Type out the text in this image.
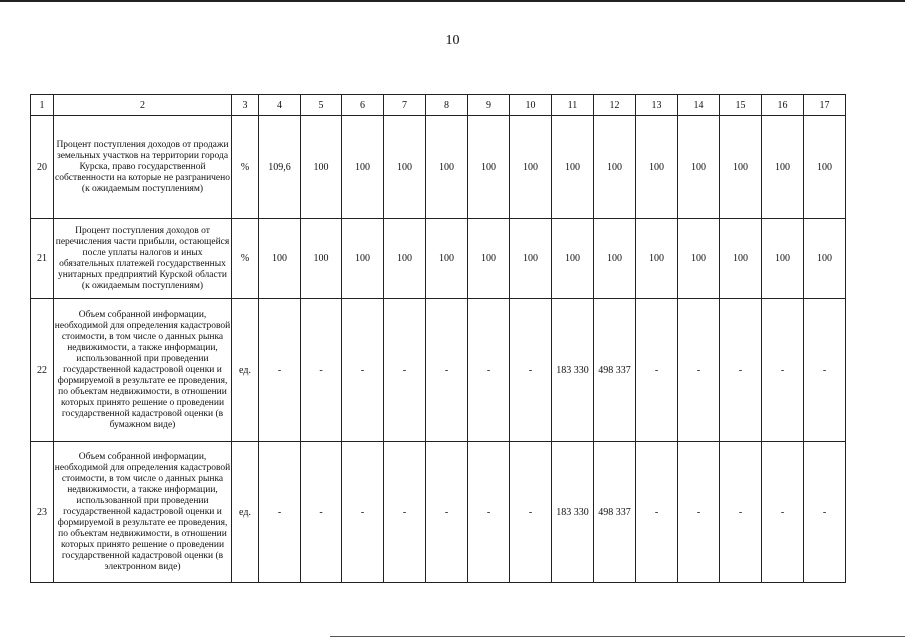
10
1	2	3	4	5	6	7	8	9	10	11	12	13	14	15	16	17
20	Процент поступления доходов от продажи земельных участков на территории города Курска, право государственной собственности на которые не разграничено (к ожидаемым поступлениям)	%	109,6	100	100	100	100	100	100	100	100	100	100	100	100	100
21	Процент поступления доходов от перечисления части прибыли, остающейся после уплаты налогов и иных обязательных платежей государственных унитарных предприятий Курской области (к ожидаемым поступлениям)	%	100	100	100	100	100	100	100	100	100	100	100	100	100	100
22	Объем собранной информации, необходимой для определения кадастровой стоимости, в том числе о данных рынка недвижимости, а также информации, использованной при проведении государственной кадастровой оценки и формируемой в результате ее проведения, по объектам недвижимости, в отношении которых принято решение о проведении государственной кадастровой оценки (в бумажном виде)	ед.	-	-	-	-	-	-	-	183 330	498 337	-	-	-	-	-
23	Объем собранной информации, необходимой для определения кадастровой стоимости, в том числе о данных рынка недвижимости, а также информации, использованной при проведении государственной кадастровой оценки и формируемой в результате ее проведения, по объектам недвижимости, в отношении которых принято решение о проведении государственной кадастровой оценки (в электронном виде)	ед.	-	-	-	-	-	-	-	183 330	498 337	-	-	-	-	-
